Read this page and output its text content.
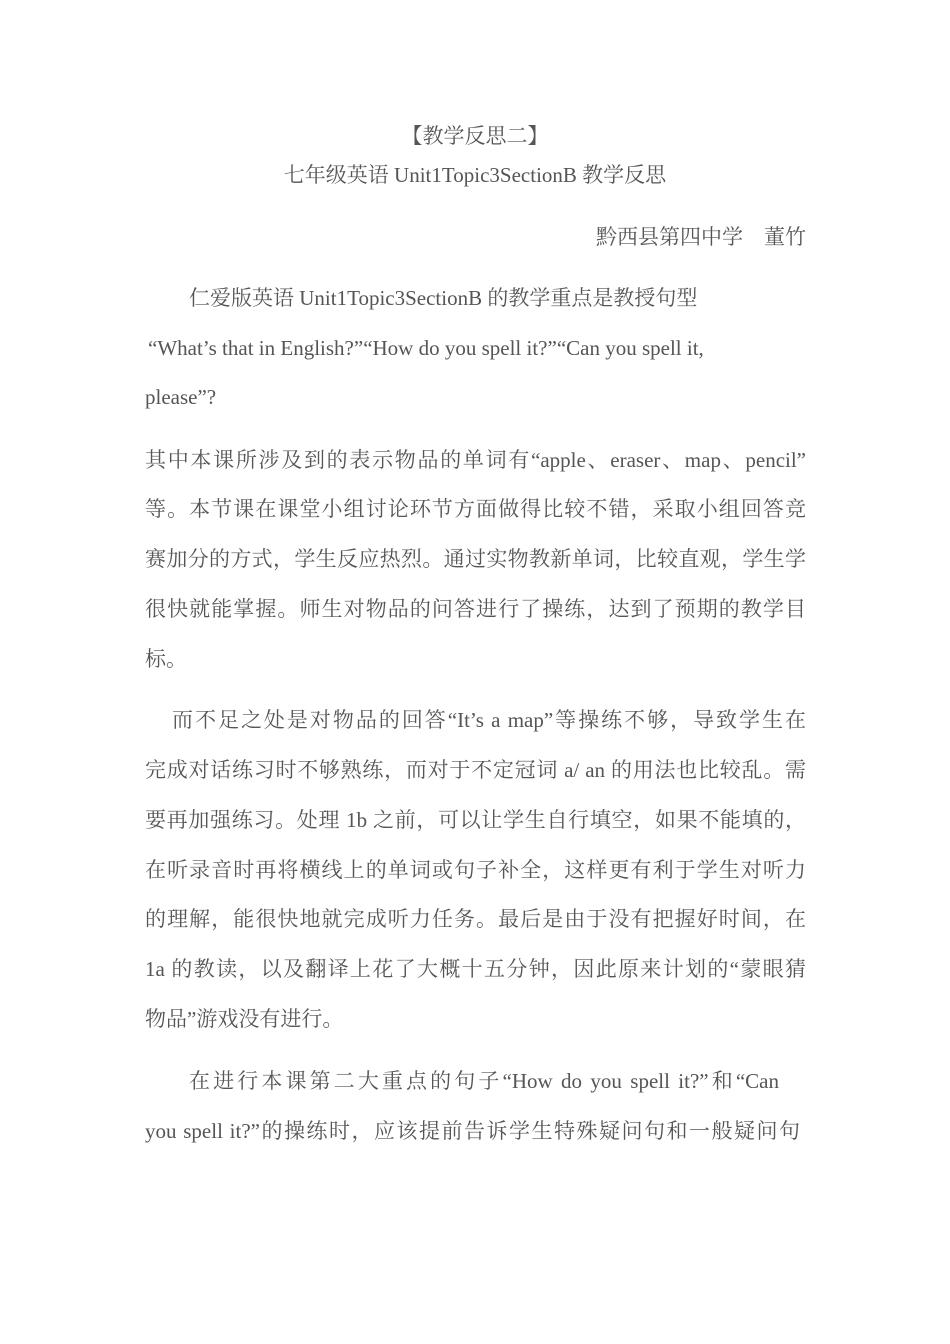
【教学反思二】
七年级英语 Unit1Topic3SectionB 教学反思
黔西县第四中学　董竹
仁爱版英语 Unit1Topic3SectionB 的教学重点是教授句型
“What’s that in English?”“How do you spell it?”“Can you spell it,
please”?
其中本课所涉及到的表示物品的单词有“apple、eraser、map、pencil”
等。本节课在课堂小组讨论环节方面做得比较不错，采取小组回答竞
赛加分的方式，学生反应热烈。通过实物教新单词，比较直观，学生学
很快就能掌握。师生对物品的问答进行了操练，达到了预期的教学目
标。
而不足之处是对物品的回答“It’s a map”等操练不够，导致学生在
完成对话练习时不够熟练，而对于不定冠词 a/ an 的用法也比较乱。需
要再加强练习。处理 1b 之前，可以让学生自行填空，如果不能填的，
在听录音时再将横线上的单词或句子补全，这样更有利于学生对听力
的理解，能很快地就完成听力任务。最后是由于没有把握好时间，在
1a 的教读，以及翻译上花了大概十五分钟，因此原来计划的“蒙眼猜
物品”游戏没有进行。
在进行本课第二大重点的句子“How do you spell it?”和“Can
you spell it?”的操练时，应该提前告诉学生特殊疑问句和一般疑问句
